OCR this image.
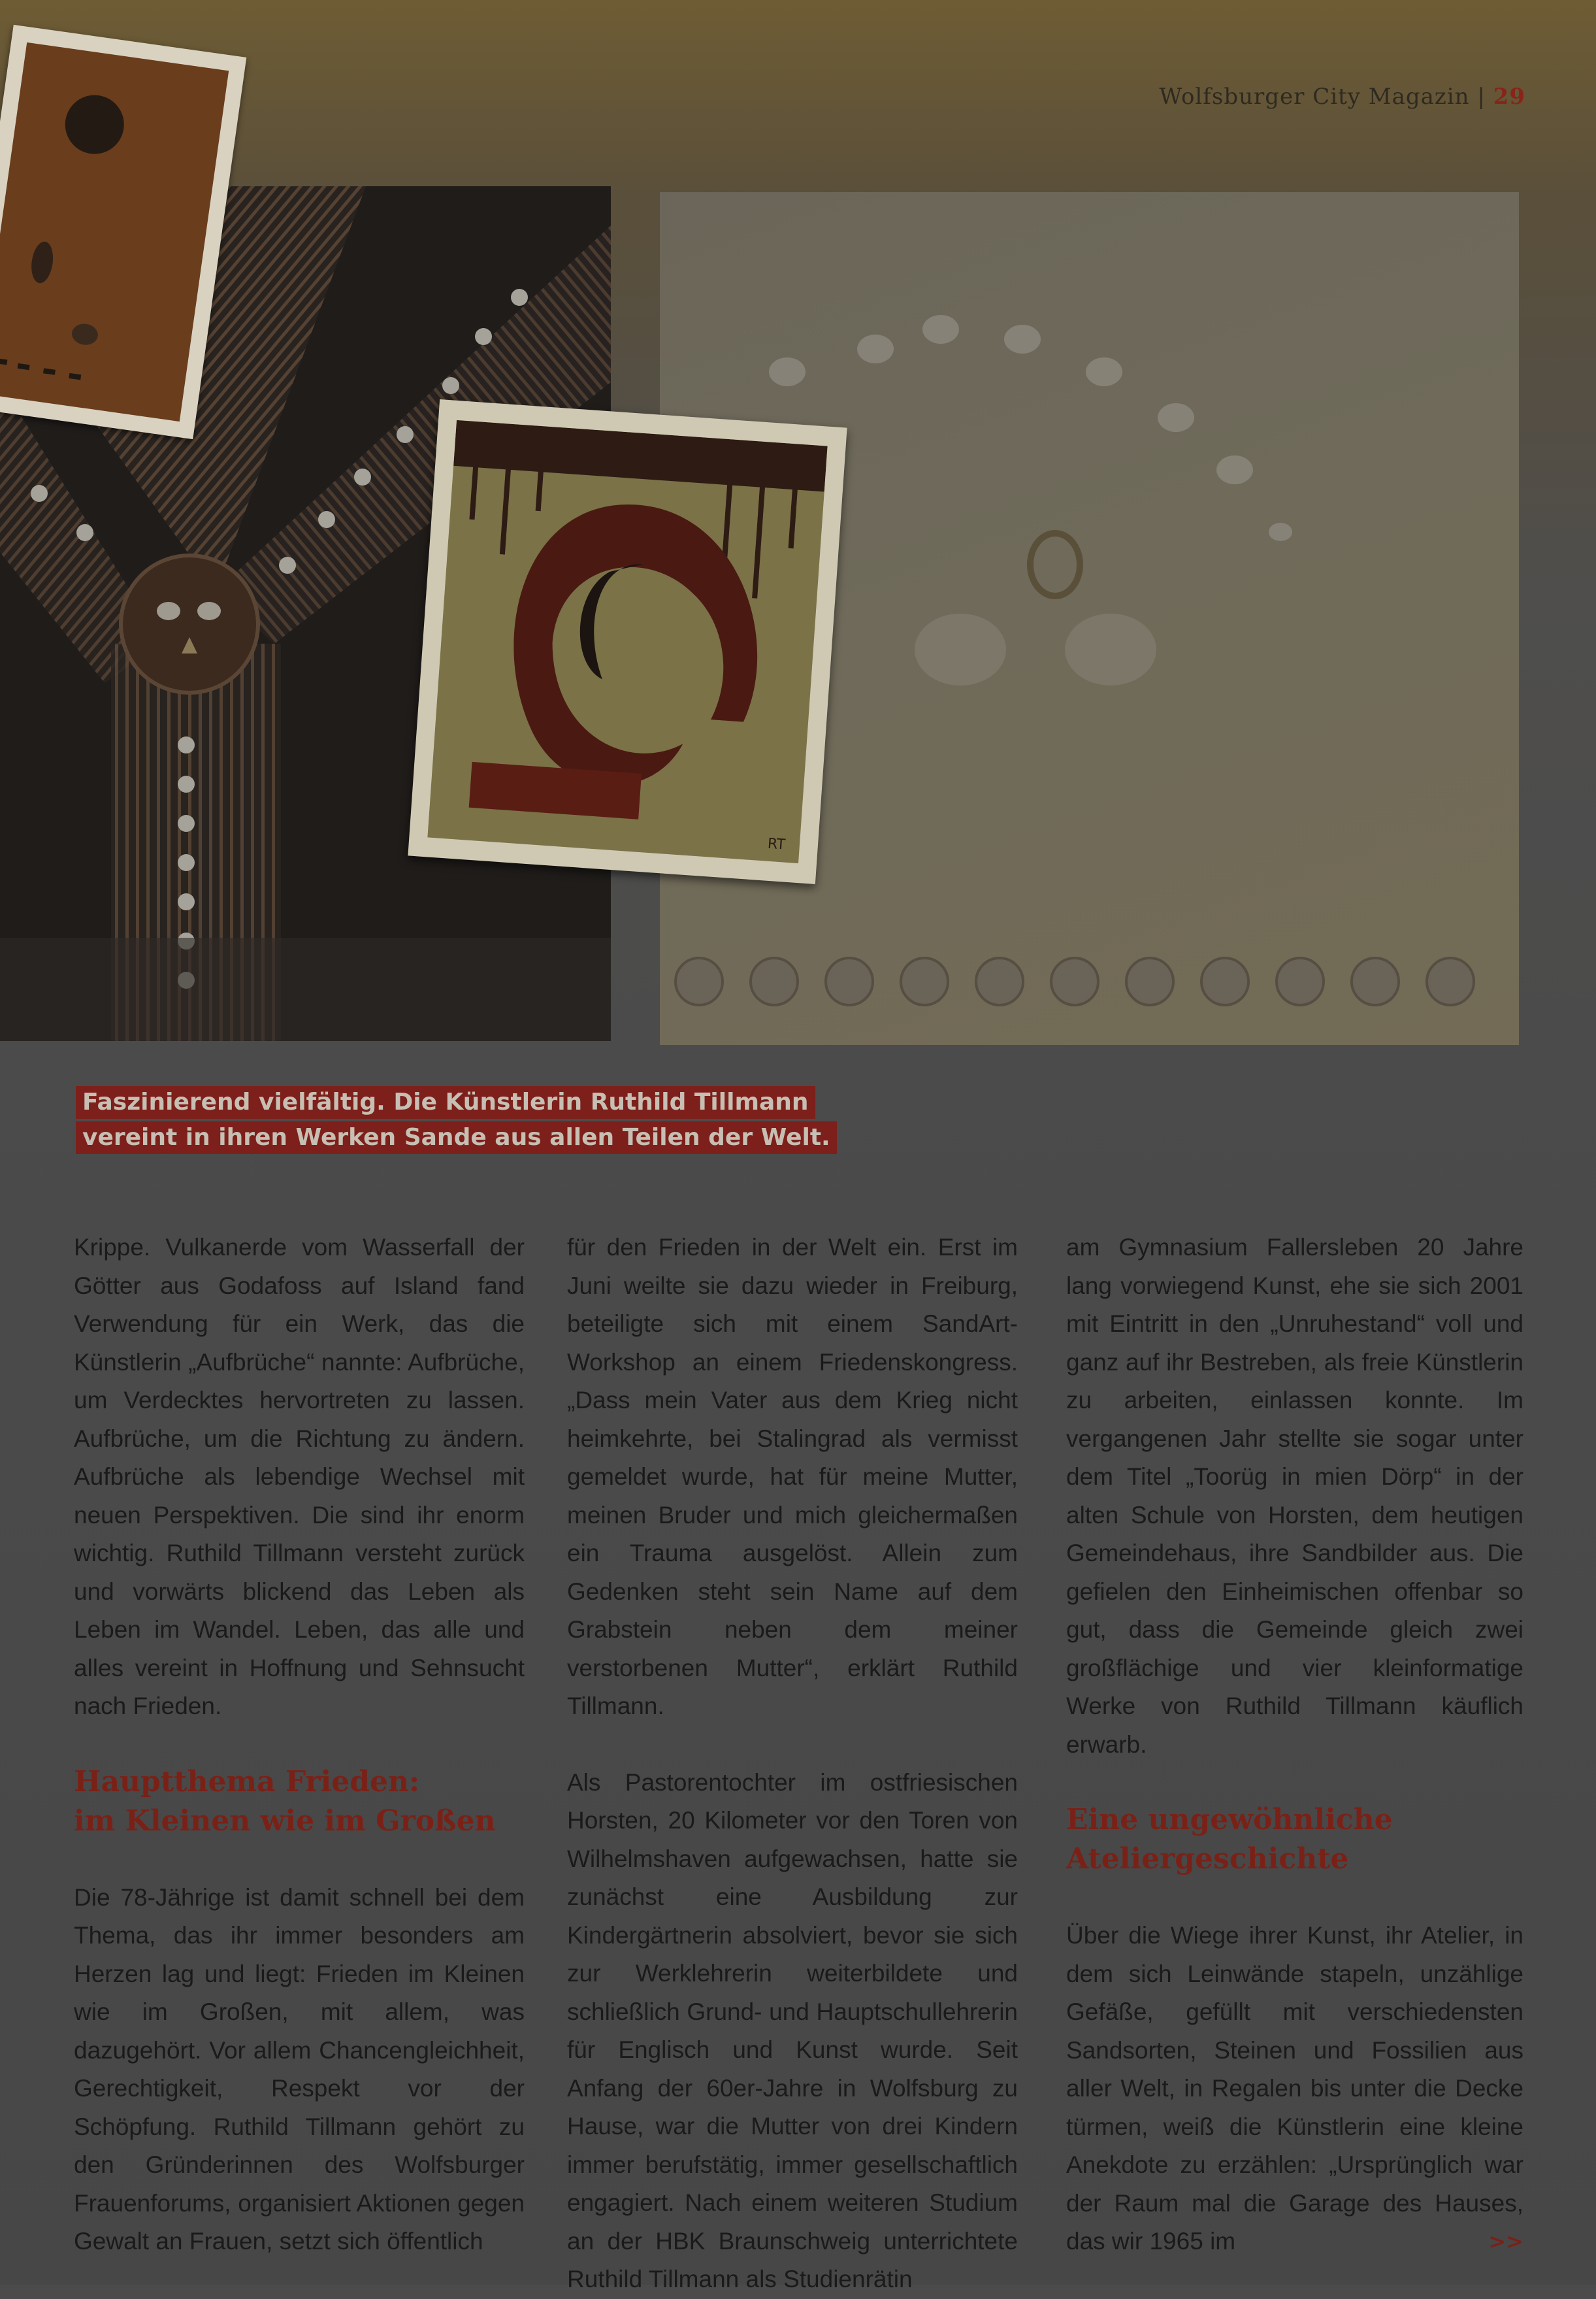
Wolfsburger City Magazin | 29
RT
Faszinierend vielfältig. Die Künstlerin Ruthild Tillmann
vereint in ihren Werken Sande aus allen Teilen der Welt.

Krippe. Vulkanerde vom Wasserfall der Götter aus Godafoss auf Island fand Verwendung für ein Werk, das die Künstlerin „Aufbrüche“ nannte: Aufbrüche, um Verdecktes hervortreten zu lassen. Aufbrüche, um die Richtung zu ändern. Aufbrüche als lebendige Wechsel mit neuen Perspektiven. Die sind ihr enorm wichtig. Ruthild Tillmann versteht zurück und vorwärts blickend das Leben als Leben im Wandel. Leben, das alle und alles vereint in Hoffnung und Sehnsucht nach Frieden.

Hauptthema Frieden:
im Kleinen wie im Großen

Die 78-Jährige ist damit schnell bei dem Thema, das ihr immer besonders am Herzen lag und liegt: Frieden im Kleinen wie im Großen, mit allem, was dazugehört. Vor allem Chancengleichheit, Gerechtigkeit, Respekt vor der Schöpfung. Ruthild Tillmann gehört zu den Gründerinnen des Wolfsburger Frauenforums, organisiert Aktionen gegen Gewalt an Frauen, setzt sich öffentlich

für den Frieden in der Welt ein. Erst im Juni weilte sie dazu wieder in Freiburg, beteiligte sich mit einem SandArt-Workshop an einem Friedenskongress. „Dass mein Vater aus dem Krieg nicht heimkehrte, bei Stalingrad als vermisst gemeldet wurde, hat für meine Mutter, meinen Bruder und mich gleichermaßen ein Trauma ausgelöst. Allein zum Gedenken steht sein Name auf dem Grabstein neben dem meiner verstorbenen Mutter“, erklärt Ruthild Tillmann.

Als Pastorentochter im ostfriesischen Horsten, 20 Kilometer vor den Toren von Wilhelmshaven aufgewachsen, hatte sie zunächst eine Ausbildung zur Kindergärtnerin absolviert, bevor sie sich zur Werklehrerin weiterbildete und schließlich Grund- und Hauptschullehrerin für Englisch und Kunst wurde. Seit Anfang der 60er-Jahre in Wolfsburg zu Hause, war die Mutter von drei Kindern immer berufstätig, immer gesellschaftlich engagiert. Nach einem weiteren Studium an der HBK Braunschweig unterrichtete Ruthild Tillmann als Studienrätin

am Gymnasium Fallersleben 20 Jahre lang vorwiegend Kunst, ehe sie sich 2001 mit Eintritt in den „Unruhestand“ voll und ganz auf ihr Bestreben, als freie Künstlerin zu arbeiten, einlassen konnte. Im vergangenen Jahr stellte sie sogar unter dem Titel „Toorüg in mien Dörp“ in der alten Schule von Horsten, dem heutigen Gemeindehaus, ihre Sandbilder aus. Die gefielen den Einheimischen offenbar so gut, dass die Gemeinde gleich zwei großflächige und vier kleinformatige Werke von Ruthild Tillmann käuflich erwarb.

Eine ungewöhnliche
Ateliergeschichte

Über die Wiege ihrer Kunst, ihr Atelier, in dem sich Leinwände stapeln, unzählige Gefäße, gefüllt mit verschiedensten Sandsorten, Steinen und Fossilien aus aller Welt, in Regalen bis unter die Decke türmen, weiß die Künstlerin eine kleine Anekdote zu erzählen: „Ursprünglich war der Raum mal die Garage des Hauses, das wir 1965 im	>>
